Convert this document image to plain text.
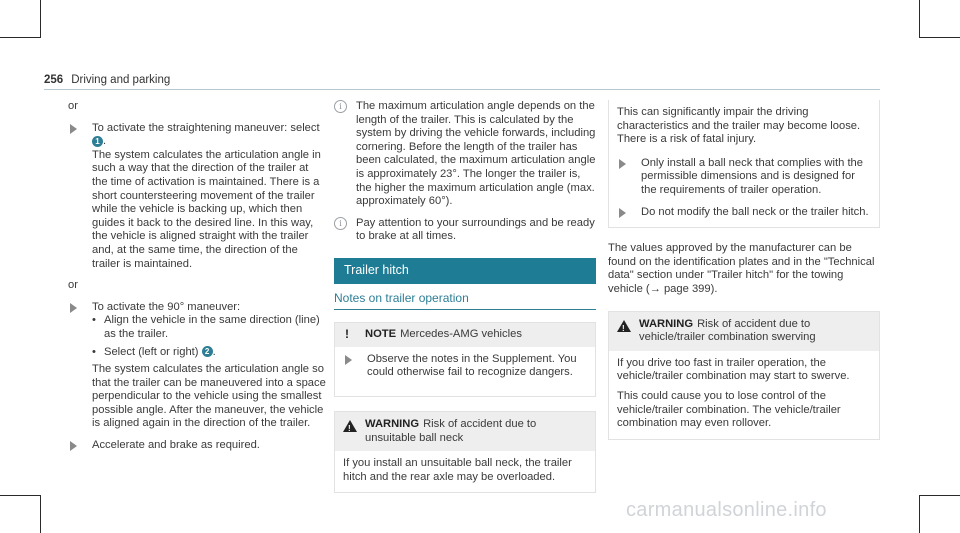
256 Driving and parking

or

To activate the straightening maneuver: select
1 .

The system calculates the articulation angle in such a way that the direction of the trailer at the time of activation is maintained. There is a short countersteering movement of the trailer while the vehicle is backing up, which then guides it back to the desired line. In this way, the vehicle is aligned straight with the trailer and, at the same time, the direction of the trailer is maintained.

or

To activate the 90° maneuver:

• Align the vehicle in the same direction (line) as the trailer.

• Select (left or right) 2 .

The system calculates the articulation angle so that the trailer can be maneuvered into a space perpendicular to the vehicle using the smallest possible angle. After the maneuver, the vehicle is aligned again in the direction of the trailer.

Accelerate and brake as required.

i	The maximum articulation angle depends on the length of the trailer. This is calculated by the system by driving the vehicle forwards, including cornering. Before the length of the trailer has been calculated, the maximum articulation angle is approximately 23°. The longer the trailer is, the higher the maximum articulation angle (max. approximately 60°).

i	Pay attention to your surroundings and be ready to brake at all times.

Trailer hitch
Notes on trailer operation
! NOTE Mercedes-AMG vehicles

Observe the notes in the Supplement. You could otherwise fail to recognize dangers.

! WARNING Risk of accident due to unsuitable ball neck

If you install an unsuitable ball neck, the trailer hitch and the rear axle may be overloaded.

This can significantly impair the driving characteristics and the trailer may become loose. There is a risk of fatal injury.

Only install a ball neck that complies with the permissible dimensions and is designed for the requirements of trailer operation.

Do not modify the ball neck or the trailer hitch.

The values approved by the manufacturer can be found on the identification plates and in the "Technical data" section under "Trailer hitch" for the towing vehicle (→ page 399).

! WARNING Risk of accident due to vehicle/trailer combination swerving

If you drive too fast in trailer operation, the vehicle/trailer combination may start to swerve.

This could cause you to lose control of the vehicle/trailer combination. The vehicle/trailer combination may even rollover.

carmanualsonline.info
